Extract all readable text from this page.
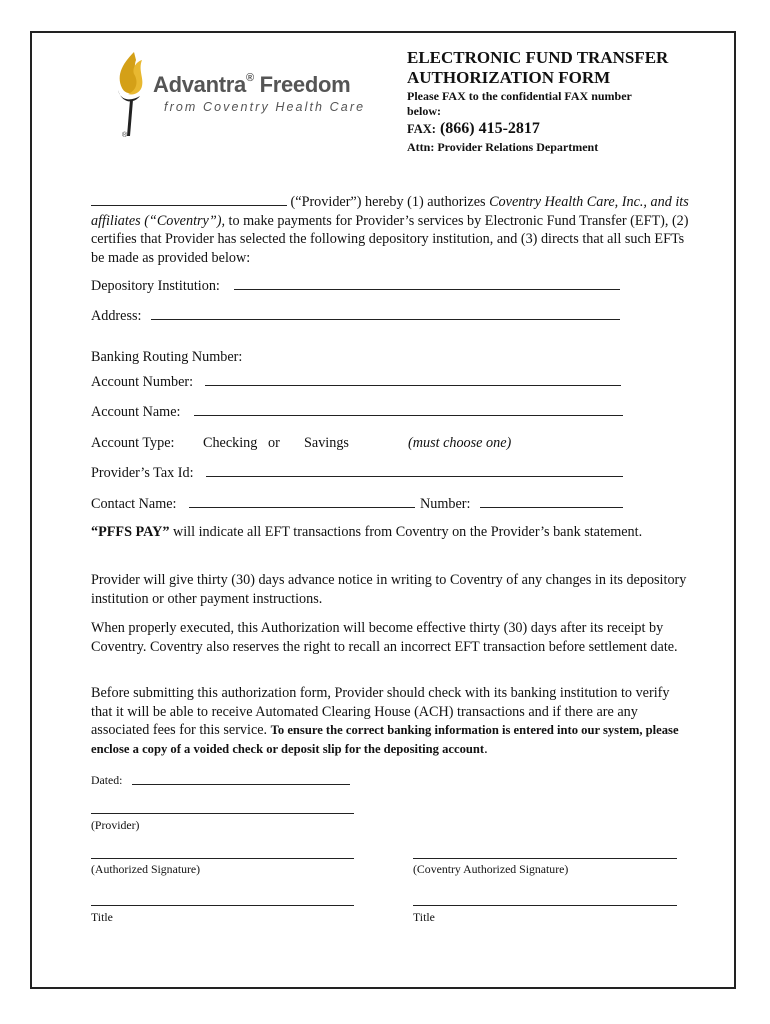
Advantra® Freedom
from Coventry Health Care
®
ELECTRONIC FUND TRANSFER
AUTHORIZATION FORM
Please FAX to the confidential FAX number below:
FAX: (866) 415-2817
Attn: Provider Relations Department
(“Provider”) hereby (1) authorizes Coventry Health Care, Inc., and its affiliates (“Coventry”), to make payments for Provider’s services by Electronic Fund Transfer (EFT), (2) certifies that Provider has selected the following depository institution, and (3) directs that all such EFTs be made as provided below:
Depository Institution:
Address:
Banking Routing Number:
Account Number:
Account Name:
Account Type: Checking or Savings	(must choose one)
Provider’s Tax Id:
Contact Name:	Number:
“PFFS PAY” will indicate all EFT transactions from Coventry on the Provider’s bank statement.
Provider will give thirty (30) days advance notice in writing to Coventry of any changes in its depository institution or other payment instructions.
When properly executed, this Authorization will become effective thirty (30) days after its receipt by Coventry. Coventry also reserves the right to recall an incorrect EFT transaction before settlement date.
Before submitting this authorization form, Provider should check with its banking institution to verify that it will be able to receive Automated Clearing House (ACH) transactions and if there are any associated fees for this service. To ensure the correct banking information is entered into our system, please enclose a copy of a voided check or deposit slip for the depositing account.
Dated:
(Provider)
(Authorized Signature)	(Coventry Authorized Signature)
Title	Title
